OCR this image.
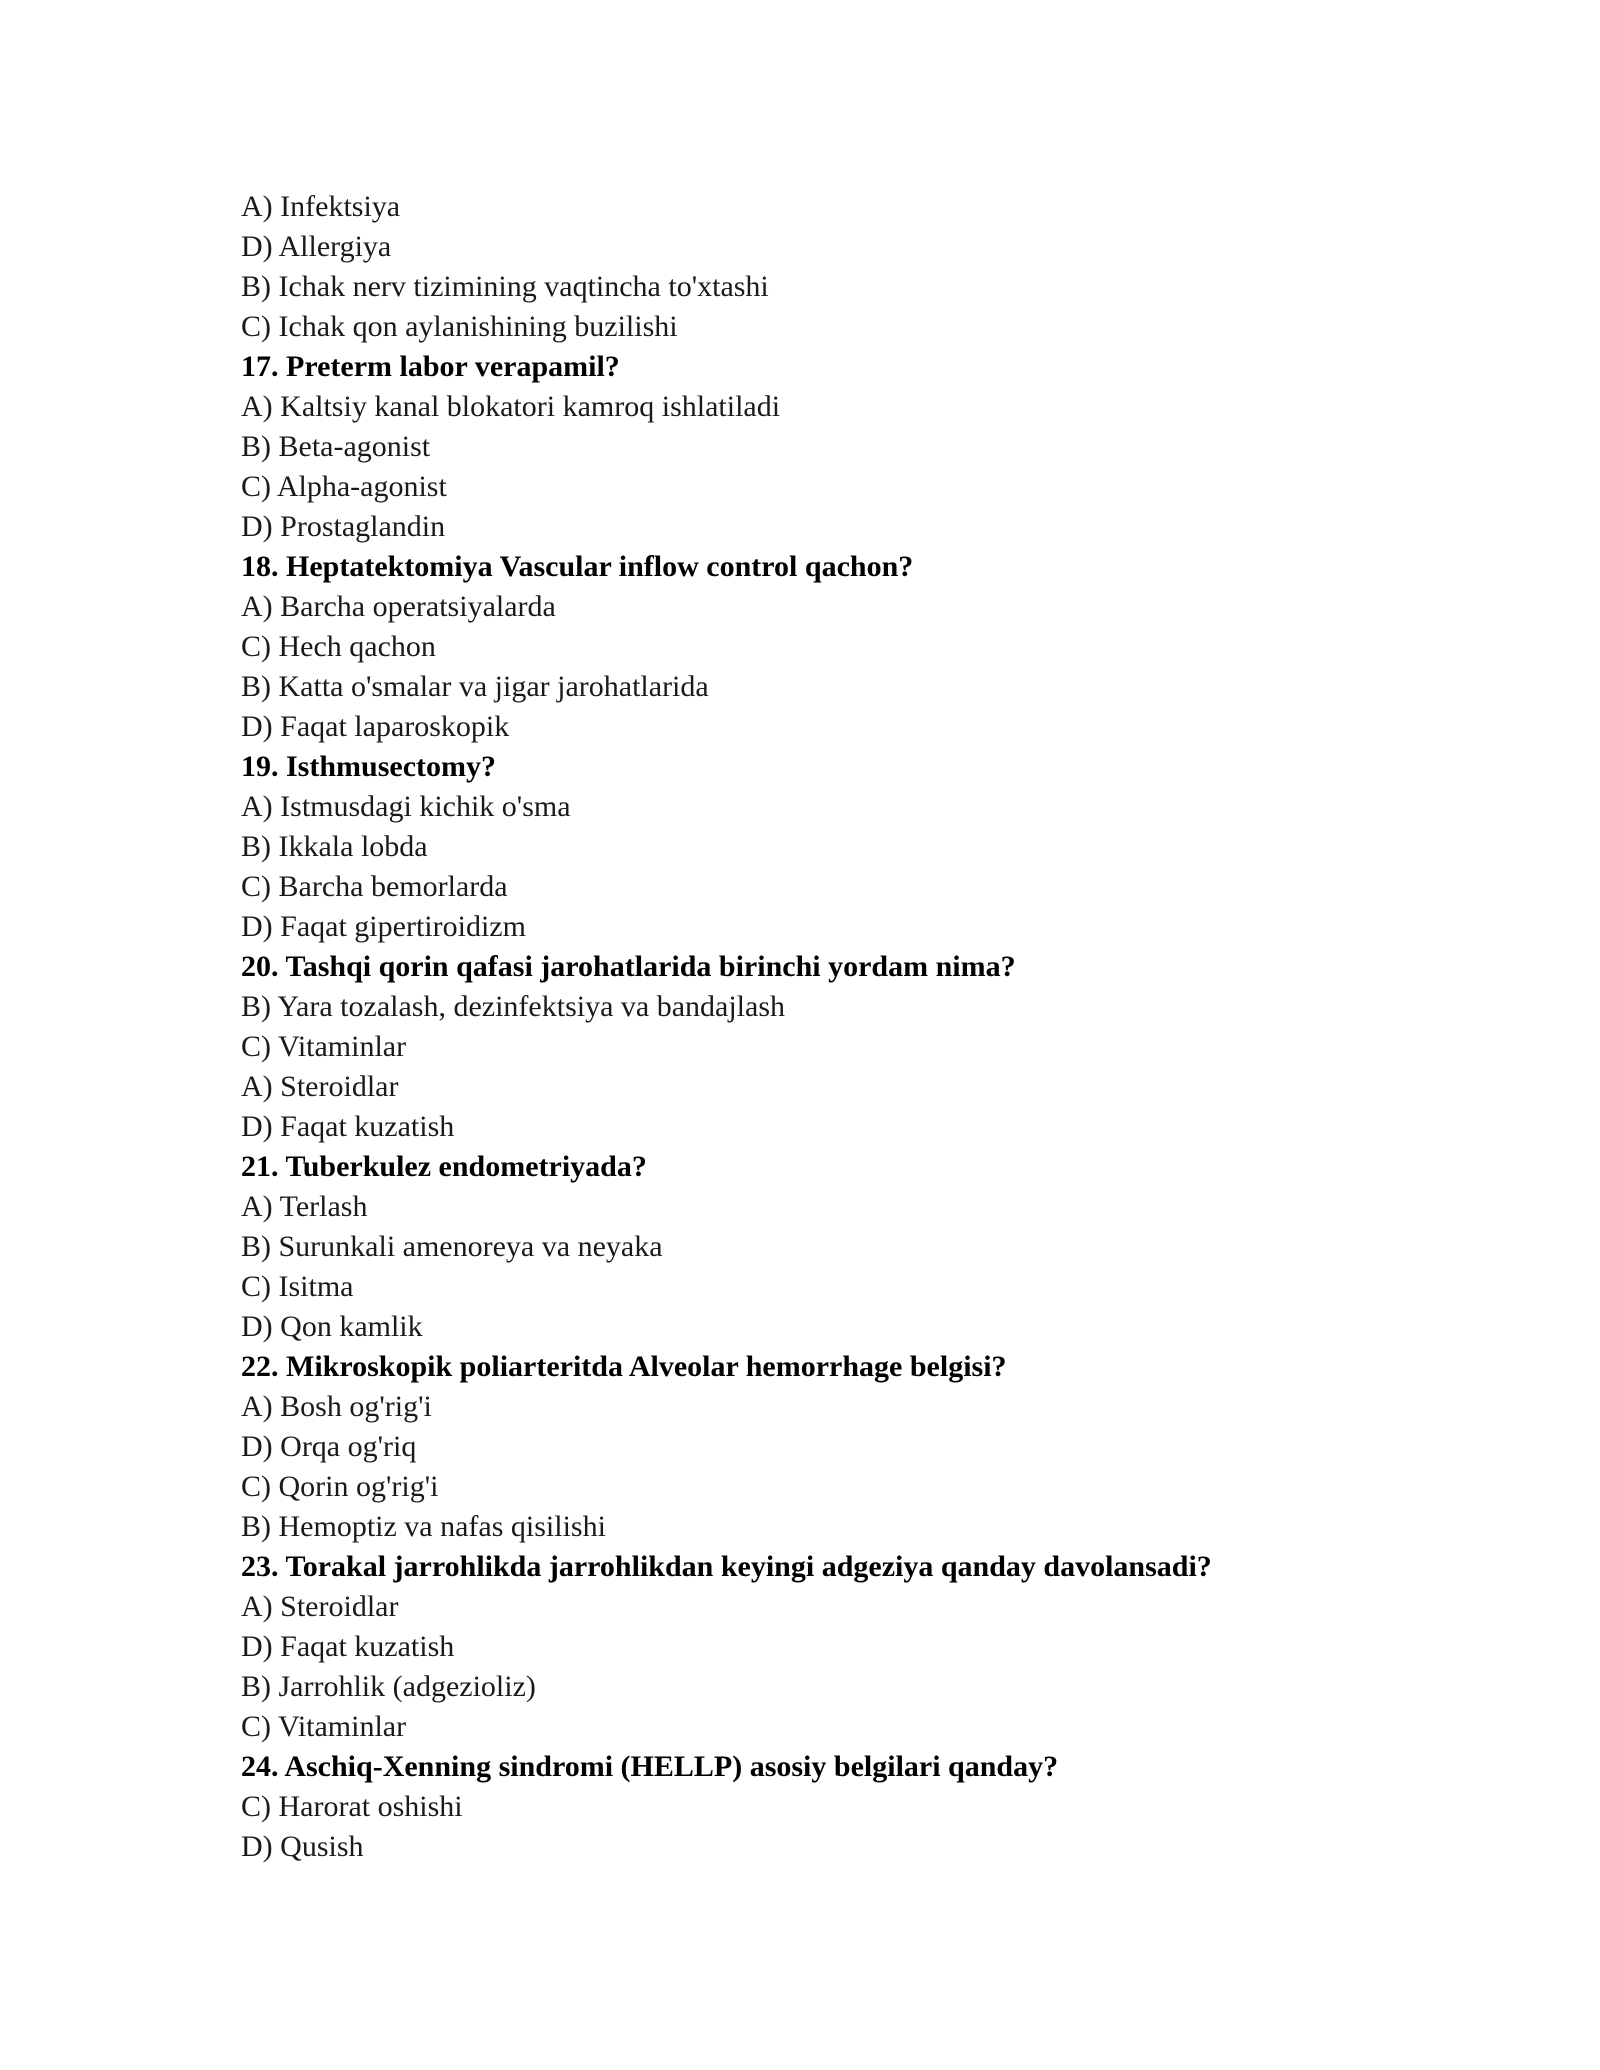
A) Infektsiya
D) Allergiya
B) Ichak nerv tizimining vaqtincha to'xtashi
C) Ichak qon aylanishining buzilishi
17. Preterm labor verapamil?
A) Kaltsiy kanal blokatori kamroq ishlatiladi
B) Beta-agonist
C) Alpha-agonist
D) Prostaglandin
18. Heptatektomiya Vascular inflow control qachon?
A) Barcha operatsiyalarda
C) Hech qachon
B) Katta o'smalar va jigar jarohatlarida
D) Faqat laparoskopik
19. Isthmusectomy?
A) Istmusdagi kichik o'sma
B) Ikkala lobda
C) Barcha bemorlarda
D) Faqat gipertiroidizm
20. Tashqi qorin qafasi jarohatlarida birinchi yordam nima?
B) Yara tozalash, dezinfektsiya va bandajlash
C) Vitaminlar
A) Steroidlar
D) Faqat kuzatish
21. Tuberkulez endometriyada?
A) Terlash
B) Surunkali amenoreya va neyaka
C) Isitma
D) Qon kamlik
22. Mikroskopik poliarteritda Alveolar hemorrhage belgisi?
A) Bosh og'rig'i
D) Orqa og'riq
C) Qorin og'rig'i
B) Hemoptiz va nafas qisilishi
23. Torakal jarrohlikda jarrohlikdan keyingi adgeziya qanday davolansadi?
A) Steroidlar
D) Faqat kuzatish
B) Jarrohlik (adgezioliz)
C) Vitaminlar
24. Aschiq-Xenning sindromi (HELLP) asosiy belgilari qanday?
C) Harorat oshishi
D) Qusish
